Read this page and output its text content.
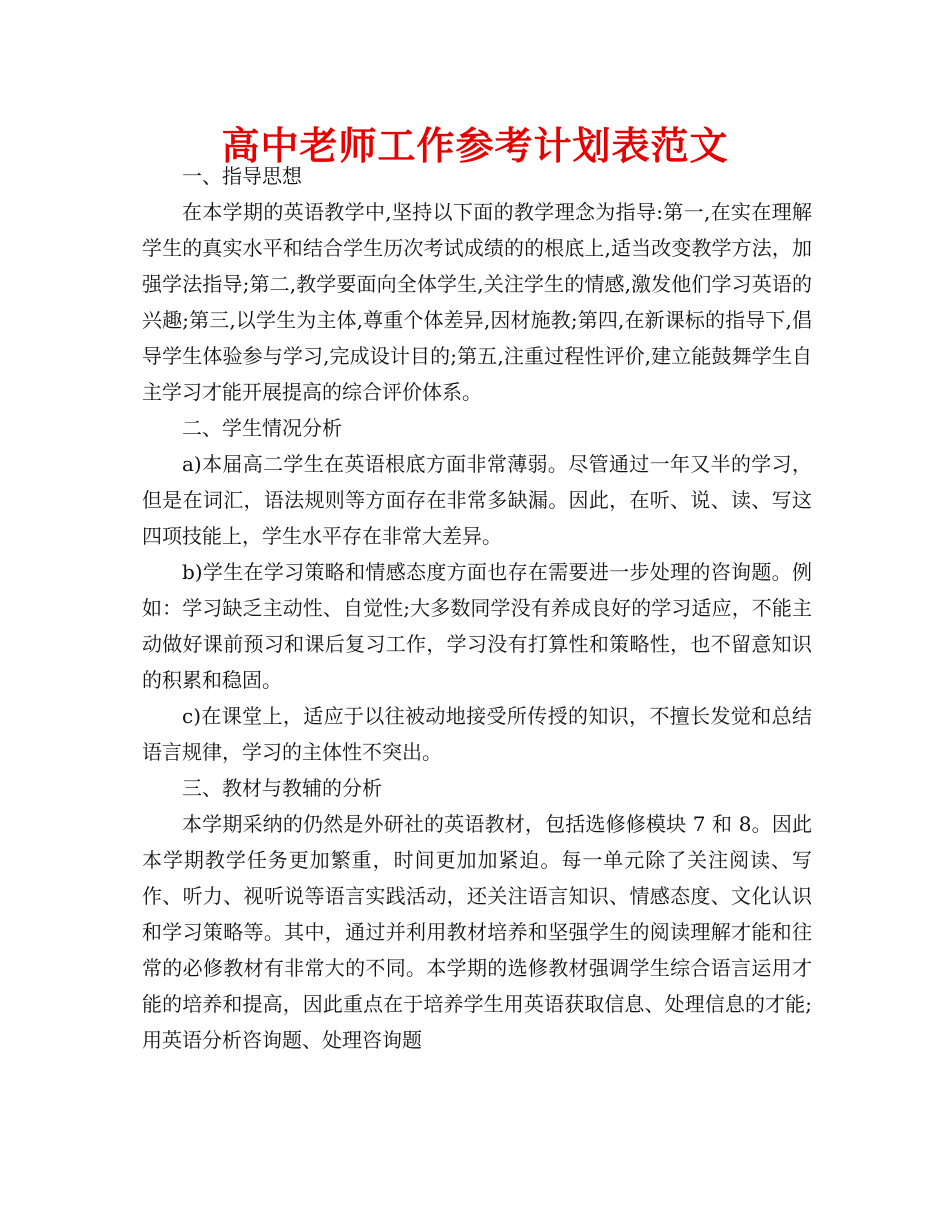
高中老师工作参考计划表范文

一、指导思想

在本学期的英语教学中,坚持以下面的教学理念为指导:第一,在实在理解学生的真实水平和结合学生历次考试成绩的的根底上,适当改变教学方法，加强学法指导;第二,教学要面向全体学生,关注学生的情感,激发他们学习英语的兴趣;第三,以学生为主体,尊重个体差异,因材施教;第四,在新课标的指导下,倡导学生体验参与学习,完成设计目的;第五,注重过程性评价,建立能鼓舞学生自主学习才能开展提高的综合评价体系。

二、学生情况分析

a)本届高二学生在英语根底方面非常薄弱。尽管通过一年又半的学习，但是在词汇，语法规则等方面存在非常多缺漏。因此，在听、说、读、写这四项技能上，学生水平存在非常大差异。

b)学生在学习策略和情感态度方面也存在需要进一步处理的咨询题。例如：学习缺乏主动性、自觉性;大多数同学没有养成良好的学习适应，不能主动做好课前预习和课后复习工作，学习没有打算性和策略性，也不留意知识的积累和稳固。

c)在课堂上，适应于以往被动地接受所传授的知识，不擅长发觉和总结语言规律，学习的主体性不突出。

三、教材与教辅的分析

本学期采纳的仍然是外研社的英语教材，包括选修修模块 7 和 8。因此本学期教学任务更加繁重，时间更加加紧迫。每一单元除了关注阅读、写作、听力、视听说等语言实践活动，还关注语言知识、情感态度、文化认识和学习策略等。其中，通过并利用教材培养和坚强学生的阅读理解才能和往常的必修教材有非常大的不同。本学期的选修教材强调学生综合语言运用才能的培养和提高，因此重点在于培养学生用英语获取信息、处理信息的才能;用英语分析咨询题、处理咨询题
